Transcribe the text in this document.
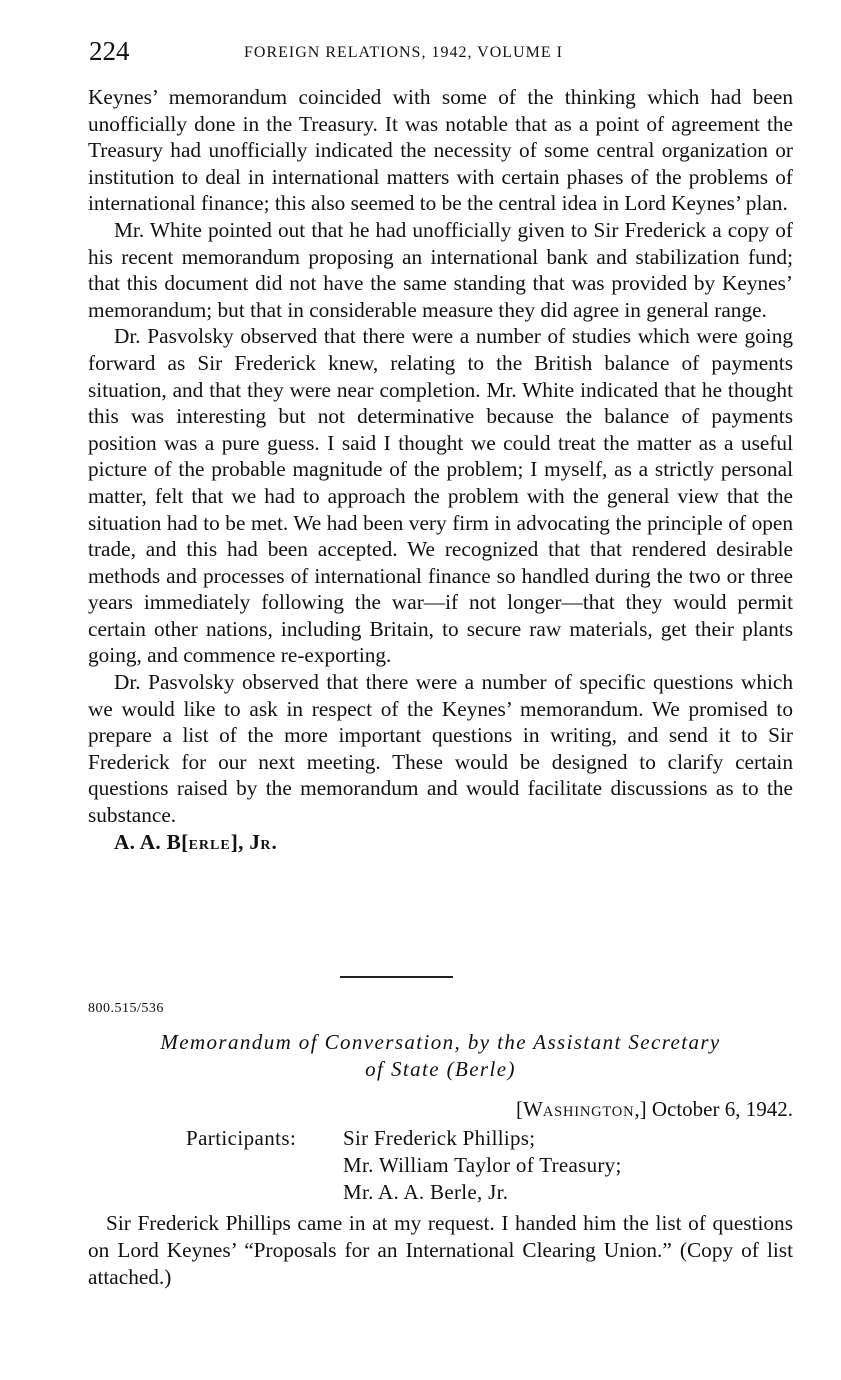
224	FOREIGN RELATIONS, 1942, VOLUME I

Keynes’ memorandum coincided with some of the thinking which had been unofficially done in the Treasury. It was notable that as a point of agreement the Treasury had unofficially indicated the necessity of some central organization or institution to deal in international matters with certain phases of the problems of international finance; this also seemed to be the central idea in Lord Keynes’ plan.

Mr. White pointed out that he had unofficially given to Sir Frederick a copy of his recent memorandum proposing an international bank and stabilization fund; that this document did not have the same standing that was provided by Keynes’ memorandum; but that in considerable measure they did agree in general range.

Dr. Pasvolsky observed that there were a number of studies which were going forward as Sir Frederick knew, relating to the British balance of payments situation, and that they were near completion. Mr. White indicated that he thought this was interesting but not determinative because the balance of payments position was a pure guess. I said I thought we could treat the matter as a useful picture of the probable magnitude of the problem; I myself, as a strictly personal matter, felt that we had to approach the problem with the general view that the situation had to be met. We had been very firm in advocating the principle of open trade, and this had been accepted. We recognized that that rendered desirable methods and processes of international finance so handled during the two or three years immediately following the war—if not longer—that they would permit certain other nations, including Britain, to secure raw materials, get their plants going, and commence re-exporting.

Dr. Pasvolsky observed that there were a number of specific questions which we would like to ask in respect of the Keynes’ memorandum. We promised to prepare a list of the more important questions in writing, and send it to Sir Frederick for our next meeting. These would be designed to clarify certain questions raised by the memorandum and would facilitate discussions as to the substance.

A. A. B[ERLE], JR.

800.515/536
Memorandum of Conversation, by the Assistant Secretary
of State (Berle)
[WASHINGTON,] October 6, 1942.
Participants: Sir Frederick Phillips;
Mr. William Taylor of Treasury;
Mr. A. A. Berle, Jr.

Sir Frederick Phillips came in at my request. I handed him the list of questions on Lord Keynes’ “Proposals for an International Clearing Union.” (Copy of list attached.)
